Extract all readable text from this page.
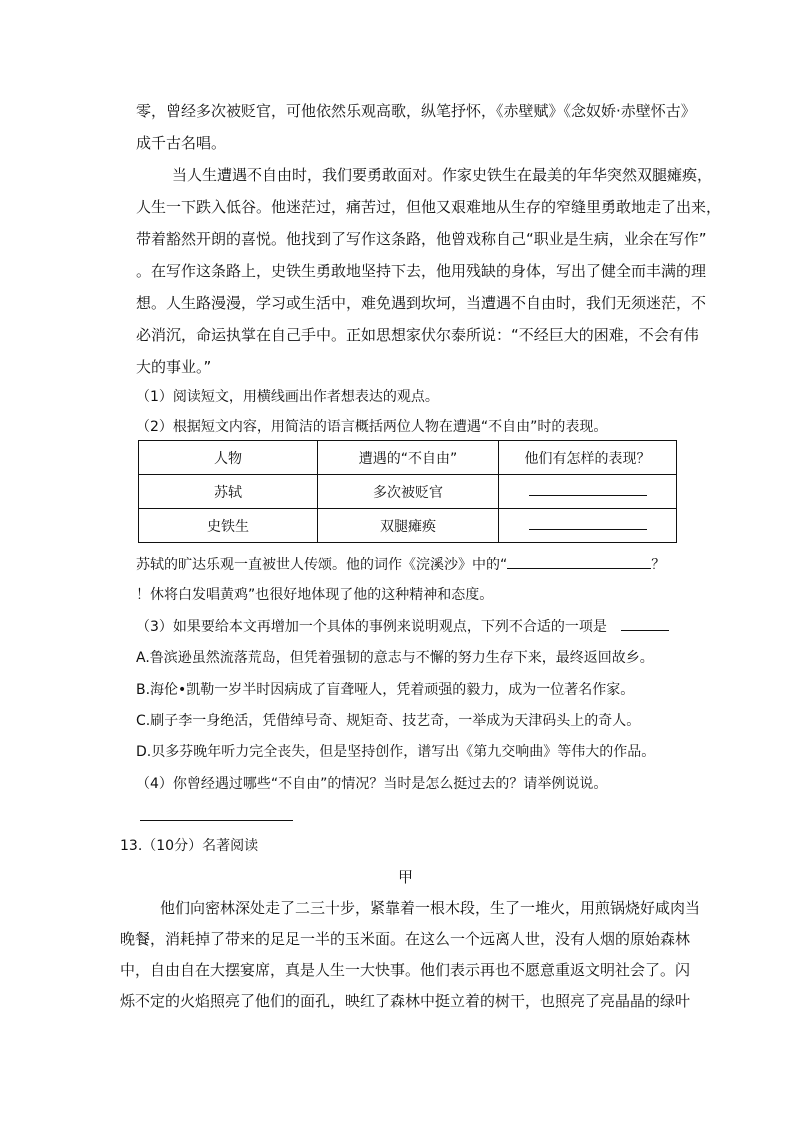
零，曾经多次被贬官，可他依然乐观高歌，纵笔抒怀，《赤壁赋》《念奴娇·赤壁怀古》
成千古名唱。
当人生遭遇不自由时，我们要勇敢面对。作家史铁生在最美的年华突然双腿瘫痪，
人生一下跌入低谷。他迷茫过，痛苦过，但他又艰难地从生存的窄缝里勇敢地走了出来，
带着豁然开朗的喜悦。他找到了写作这条路，他曾戏称自己“职业是生病，业余在写作”
。在写作这条路上，史铁生勇敢地坚持下去，他用残缺的身体，写出了健全而丰满的理
想。人生路漫漫，学习或生活中，难免遇到坎坷，当遭遇不自由时，我们无须迷茫，不
必消沉，命运执掌在自己手中。正如思想家伏尔泰所说：“不经巨大的困难，不会有伟
大的事业。”
（1）阅读短文，用横线画出作者想表达的观点。
（2）根据短文内容，用简洁的语言概括两位人物在遭遇“不自由”时的表现。
人物	遭遇的“不自由”	他们有怎样的表现？
苏轼	多次被贬官	
史铁生	双腿瘫痪	
苏轼的旷达乐观一直被世人传颂。他的词作《浣溪沙》中的“	？
！休将白发唱黄鸡”也很好地体现了他的这种精神和态度。
（3）如果要给本文再增加一个具体的事例来说明观点，下列不合适的一项是
A.鲁滨逊虽然流落荒岛，但凭着强韧的意志与不懈的努力生存下来，最终返回故乡。
B.海伦•凯勒一岁半时因病成了盲聋哑人，凭着顽强的毅力，成为一位著名作家。
C.刷子李一身绝活，凭借绰号奇、规矩奇、技艺奇，一举成为天津码头上的奇人。
D.贝多芬晚年听力完全丧失，但是坚持创作，谱写出《第九交响曲》等伟大的作品。
（4）你曾经遇过哪些“不自由”的情况？当时是怎么挺过去的？请举例说说。
13.（10分）名著阅读
甲
他们向密林深处走了二三十步，紧靠着一根木段，生了一堆火，用煎锅烧好咸肉当
晚餐，消耗掉了带来的足足一半的玉米面。在这么一个远离人世，没有人烟的原始森林
中，自由自在大摆宴席，真是人生一大快事。他们表示再也不愿意重返文明社会了。闪
烁不定的火焰照亮了他们的面孔，映红了森林中挺立着的树干，也照亮了亮晶晶的绿叶
